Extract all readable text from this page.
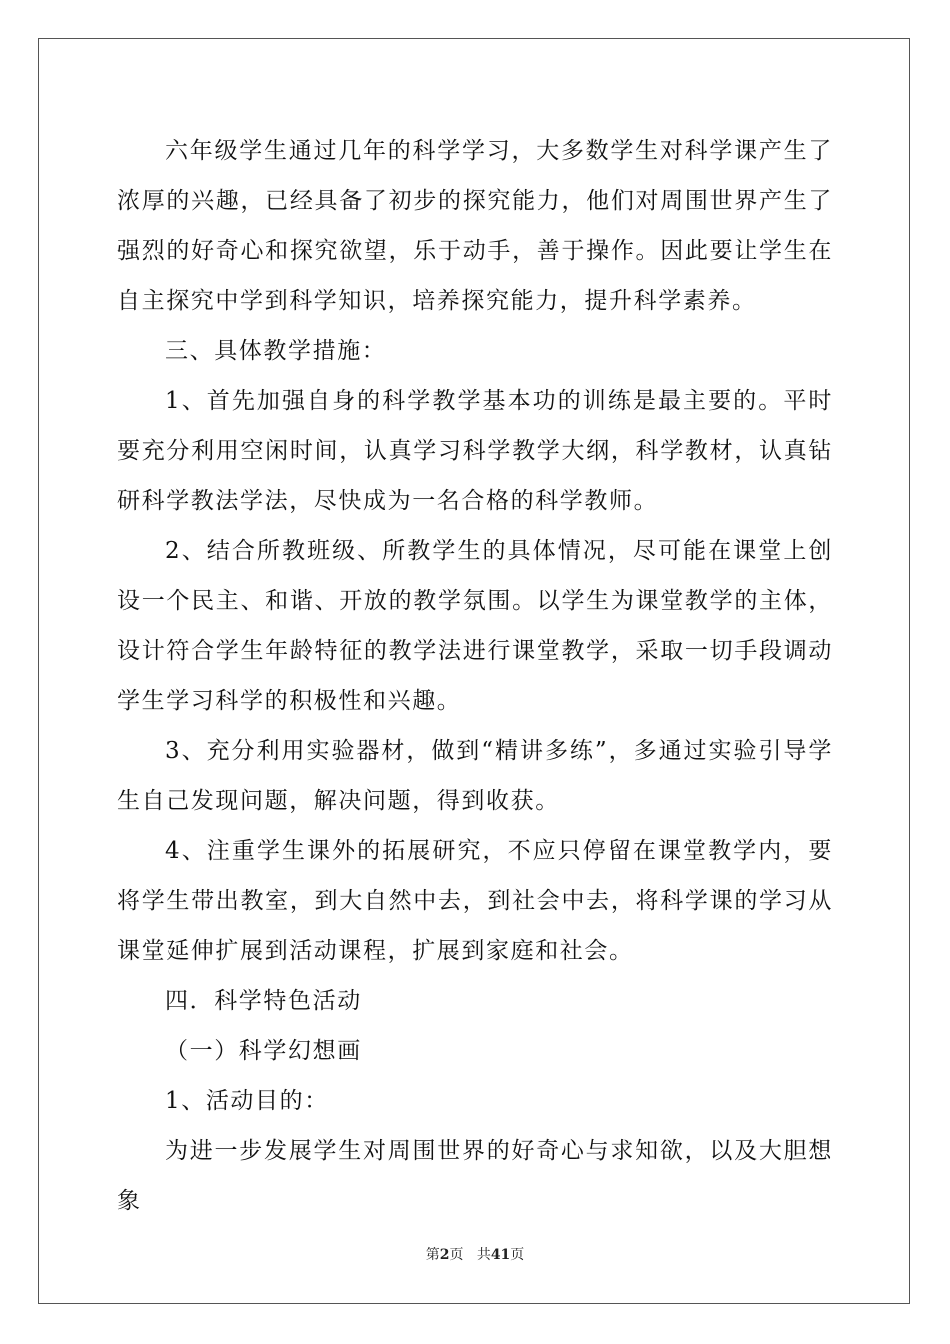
六年级学生通过几年的科学学习，大多数学生对科学课产生了浓厚的兴趣，已经具备了初步的探究能力，他们对周围世界产生了强烈的好奇心和探究欲望，乐于动手，善于操作。因此要让学生在自主探究中学到科学知识，培养探究能力，提升科学素养。

三、具体教学措施：

1、首先加强自身的科学教学基本功的训练是最主要的。平时要充分利用空闲时间，认真学习科学教学大纲，科学教材，认真钻研科学教法学法，尽快成为一名合格的科学教师。

2、结合所教班级、所教学生的具体情况，尽可能在课堂上创设一个民主、和谐、开放的教学氛围。以学生为课堂教学的主体，设计符合学生年龄特征的教学法进行课堂教学，采取一切手段调动学生学习科学的积极性和兴趣。

3、充分利用实验器材，做到“精讲多练”，多通过实验引导学生自己发现问题，解决问题，得到收获。

4、注重学生课外的拓展研究，不应只停留在课堂教学内，要将学生带出教室，到大自然中去，到社会中去，将科学课的学习从课堂延伸扩展到活动课程，扩展到家庭和社会。

四．科学特色活动

（一）科学幻想画

1、活动目的：

为进一步发展学生对周围世界的好奇心与求知欲，以及大胆想象

第2页 共41页
